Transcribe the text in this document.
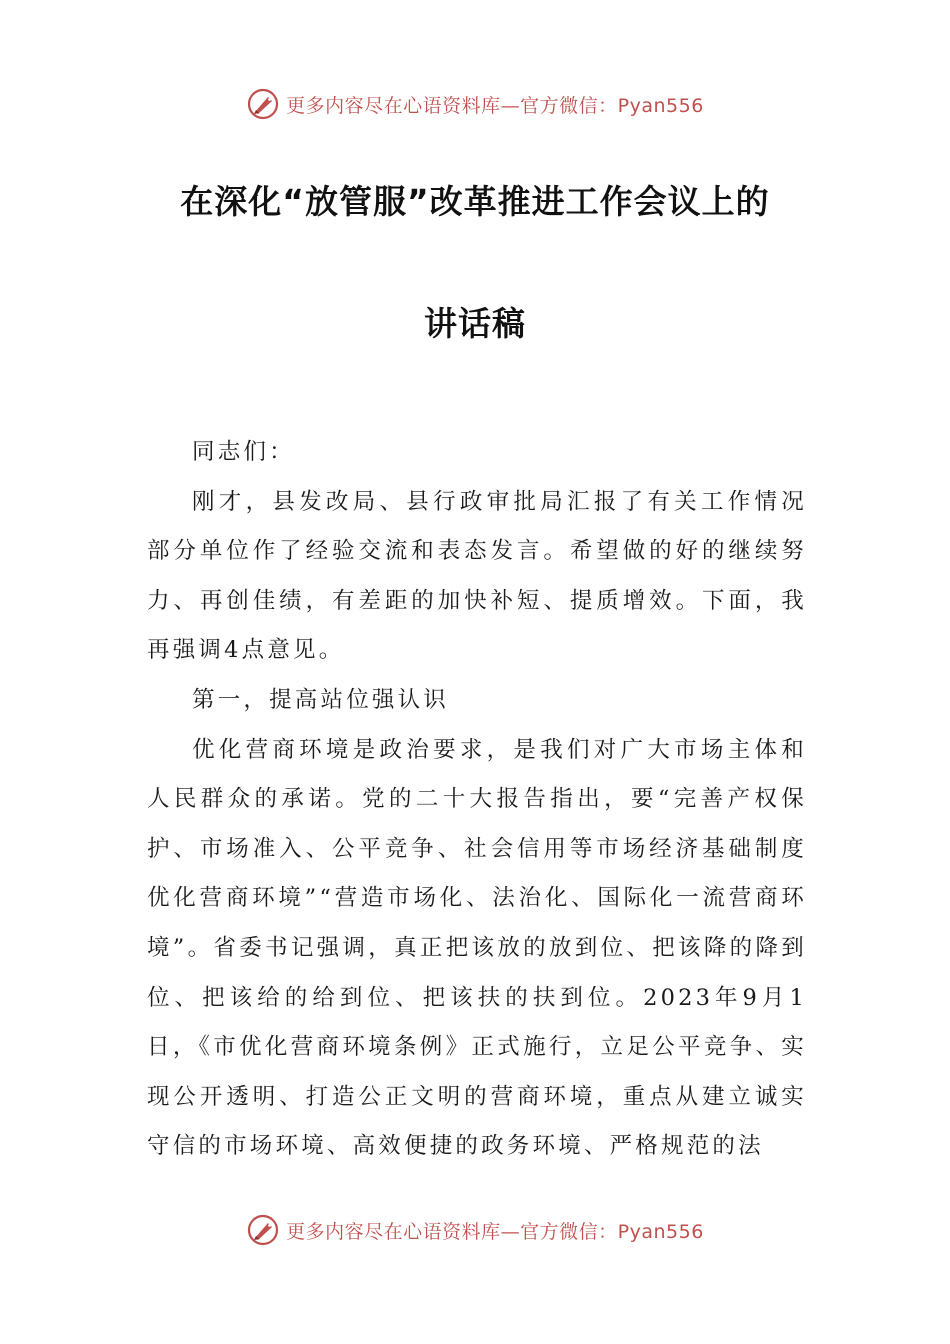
更多内容尽在心语资料库—官方微信：Pyan556
在深化“放管服”改革推进工作会议上的
讲话稿

同志们：

刚才，县发改局、县行政审批局汇报了有关工作情况部分单位作了经验交流和表态发言。希望做的好的继续努力、再创佳绩，有差距的加快补短、提质增效。下面，我再强调4点意见。

第一，提高站位强认识

优化营商环境是政治要求，是我们对广大市场主体和人民群众的承诺。党的二十大报告指出，要“完善产权保护、市场准入、公平竞争、社会信用等市场经济基础制度优化营商环境”“营造市场化、法治化、国际化一流营商环境”。省委书记强调，真正把该放的放到位、把该降的降到位、把该给的给到位、把该扶的扶到位。2023年9月1日，《市优化营商环境条例》正式施行，立足公平竞争、实现公开透明、打造公正文明的营商环境，重点从建立诚实守信的市场环境、高效便捷的政务环境、严格规范的法

更多内容尽在心语资料库—官方微信：Pyan556
